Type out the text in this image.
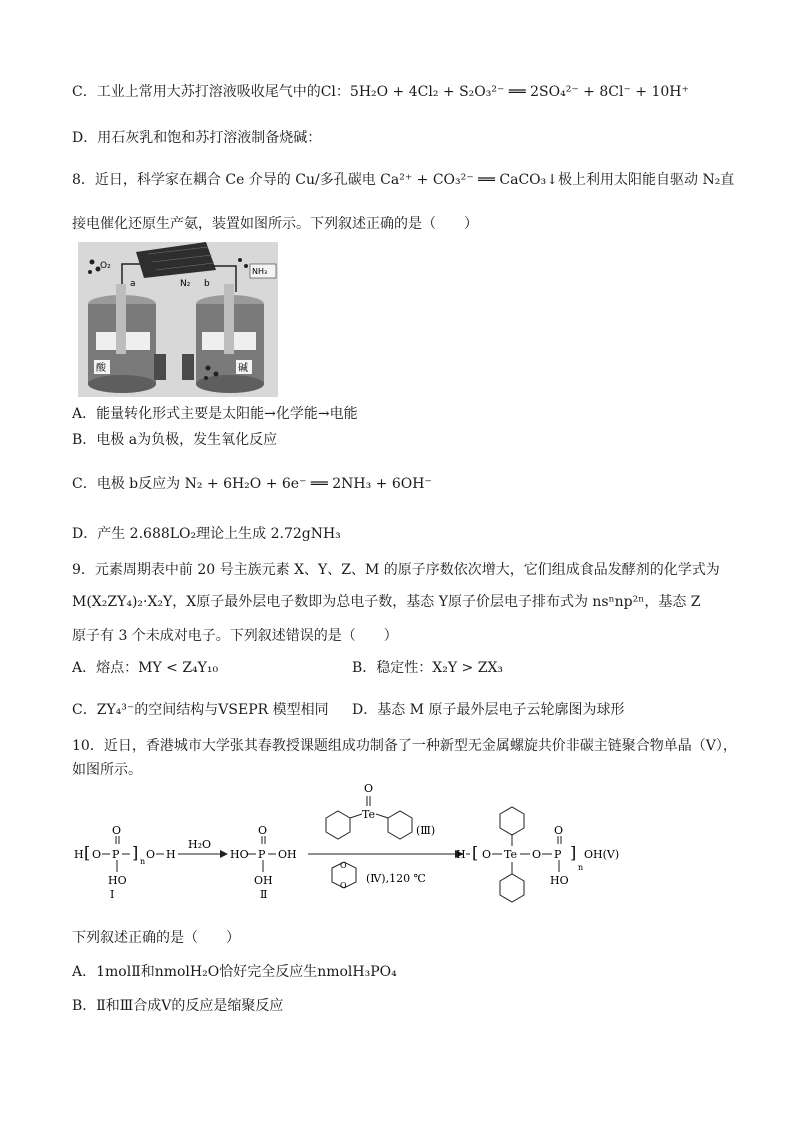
C．工业上常用大苏打溶液吸收尾气中的Cl：5H₂O + 4Cl₂ + S₂O₃²⁻ ══ 2SO₄²⁻ + 8Cl⁻ + 10H⁺
D．用石灰乳和饱和苏打溶液制备烧碱：
8．近日，科学家在耦合 Ce 介导的 Cu/多孔碳电 Ca²⁺ + CO₃²⁻ ══ CaCO₃↓极上利用太阳能自驱动 N₂直
接电催化还原生产氨，装置如图所示。下列叙述正确的是（　　）
O₂
a	N₂ b
NH₃
酸	碱
A．能量转化形式主要是太阳能→化学能→电能
B．电极 a为负极，发生氧化反应
C．电极 b反应为 N₂ + 6H₂O + 6e⁻ ══ 2NH₃ + 6OH⁻
D．产生 2.688LO₂理论上生成 2.72gNH₃
9．元素周期表中前 20 号主族元素 X、Y、Z、M 的原子序数依次增大，它们组成食品发酵剂的化学式为
M(X₂ZY₄)₂·X₂Y，X原子最外层电子数即为总电子数，基态 Y原子价层电子排布式为 nsⁿnp²ⁿ，基态 Z
原子有 3 个未成对电子。下列叙述错误的是（　　）
A．熔点：MY < Z₄Y₁₀	B．稳定性：X₂Y > ZX₃
C．ZY₄³⁻的空间结构与VSEPR 模型相同 D．基态 M 原子最外层电子云轮廓图为球形
10．近日，香港城市大学张其春教授课题组成功制备了一种新型无金属螺旋共价非碳主链聚合物单晶（V），
如图所示。
H [ O P
O
HO
Ⅰ
] n
O H
H₂O
HO P
O
OH
OH
Ⅱ
Te
O
(Ⅲ)
O
O
(Ⅳ),120 ℃
[
H O Te O P
O
HO
]
n
OH(V)
下列叙述正确的是（　　）
A．1molⅡ和nmolH₂O恰好完全反应生nmolH₃PO₄
B．Ⅱ和Ⅲ合成Ⅴ的反应是缩聚反应
